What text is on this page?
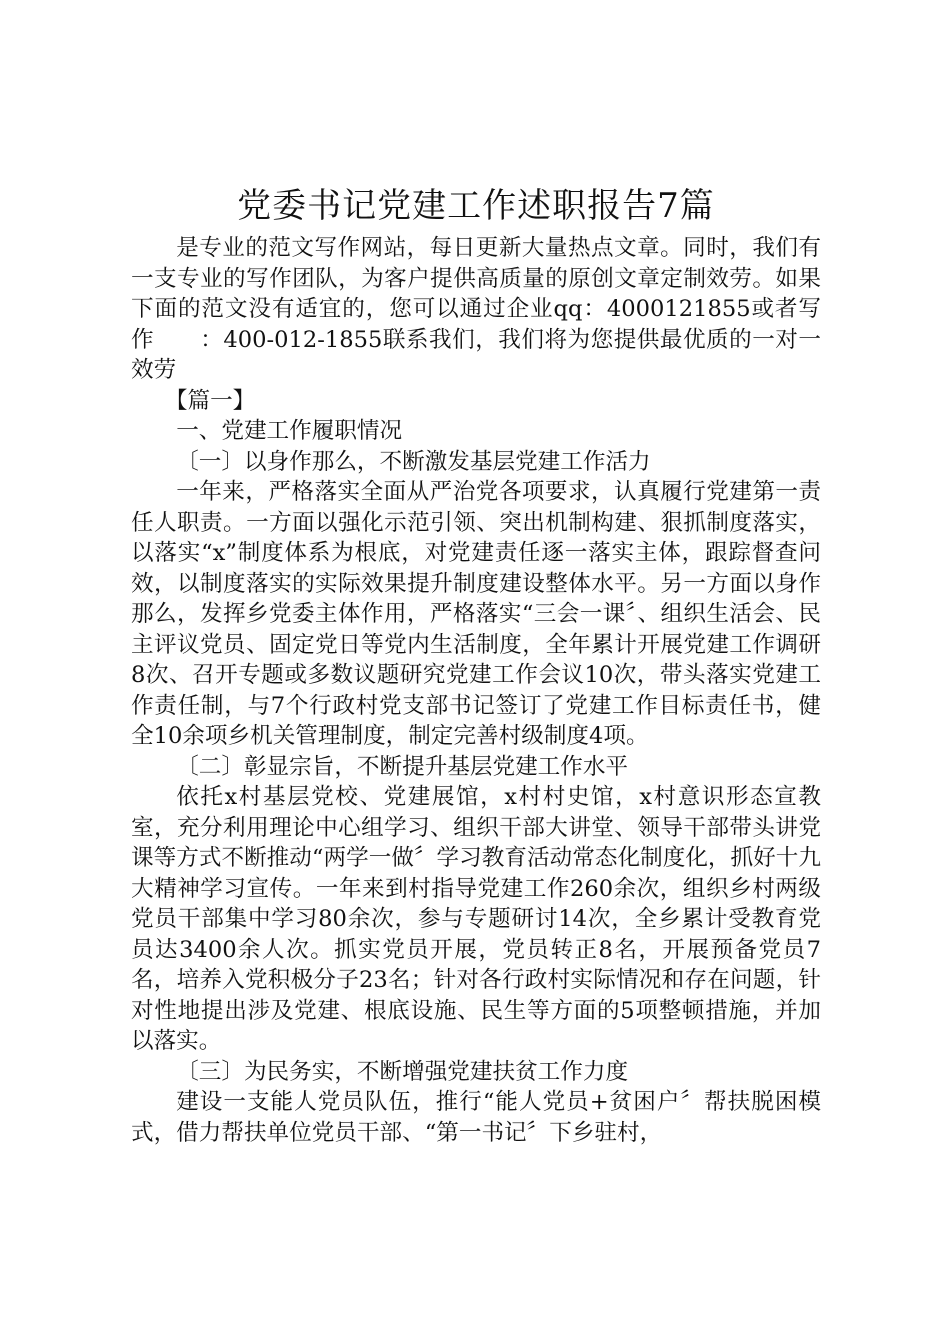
党委书记党建工作述职报告7篇

是专业的范文写作网站，每日更新大量热点文章。同时，我们有一支专业的写作团队，为客户提供高质量的原创文章定制效劳。如果下面的范文没有适宜的，您可以通过企业qq：4000121855或者写作　　：400-012-1855联系我们，我们将为您提供最优质的一对一效劳

【篇一】

一、党建工作履职情况

〔一〕以身作那么，不断激发基层党建工作活力

一年来，严格落实全面从严治党各项要求，认真履行党建第一责任人职责。一方面以强化示范引领、突出机制构建、狠抓制度落实，以落实“x”制度体系为根底，对党建责任逐一落实主体，跟踪督查问效，以制度落实的实际效果提升制度建设整体水平。另一方面以身作那么，发挥乡党委主体作用，严格落实“三会一课〞、组织生活会、民主评议党员、固定党日等党内生活制度，全年累计开展党建工作调研8次、召开专题或多数议题研究党建工作会议10次，带头落实党建工作责任制，与7个行政村党支部书记签订了党建工作目标责任书，健全10余项乡机关管理制度，制定完善村级制度4项。

〔二〕彰显宗旨，不断提升基层党建工作水平

依托x村基层党校、党建展馆，x村村史馆，x村意识形态宣教室，充分利用理论中心组学习、组织干部大讲堂、领导干部带头讲党课等方式不断推动“两学一做〞学习教育活动常态化制度化，抓好十九大精神学习宣传。一年来到村指导党建工作260余次，组织乡村两级党员干部集中学习80余次，参与专题研讨14次，全乡累计受教育党员达3400余人次。抓实党员开展，党员转正8名，开展预备党员7名，培养入党积极分子23名；针对各行政村实际情况和存在问题，针对性地提出涉及党建、根底设施、民生等方面的5项整顿措施，并加以落实。

〔三〕为民务实，不断增强党建扶贫工作力度

建设一支能人党员队伍，推行“能人党员+贫困户〞帮扶脱困模式，借力帮扶单位党员干部、“第一书记〞下乡驻村，
